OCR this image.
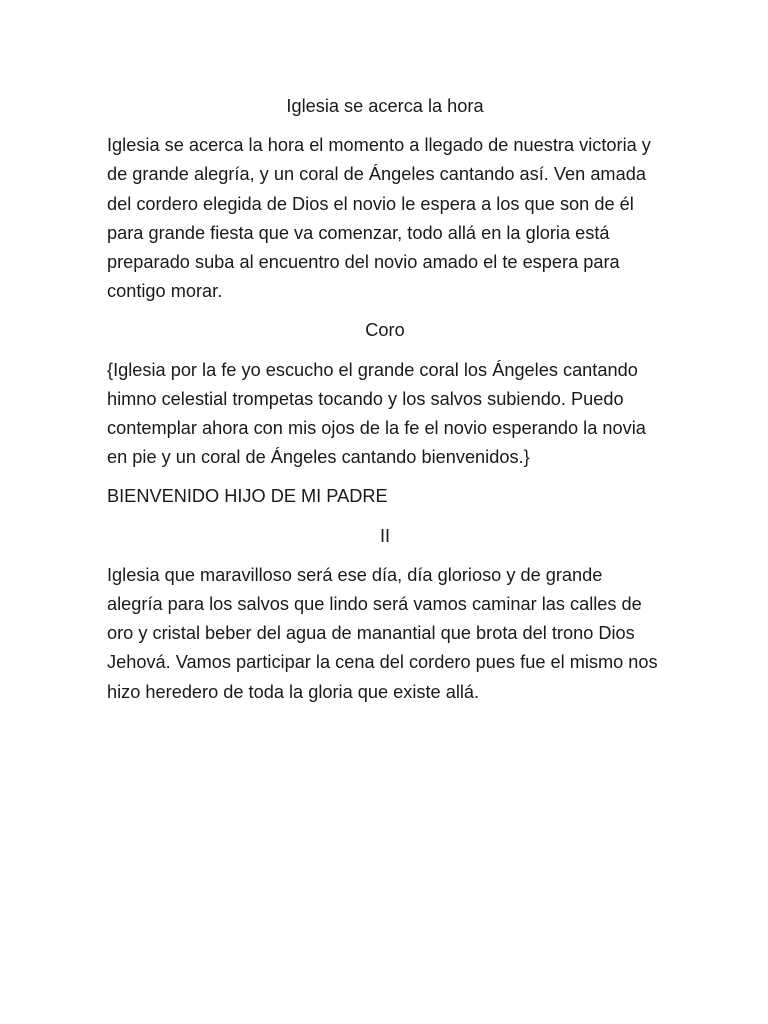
Iglesia se acerca la hora

Iglesia se acerca la hora el momento a llegado de nuestra victoria y de grande alegría, y un coral de Ángeles cantando así. Ven amada del cordero elegida de Dios el novio le espera a los que son de él para grande fiesta que va comenzar, todo allá en la gloria está preparado suba al encuentro del novio amado el te espera para contigo morar.

Coro

{Iglesia por la fe yo escucho el grande coral los Ángeles cantando himno celestial trompetas tocando y los salvos subiendo. Puedo contemplar ahora con mis ojos de la fe el novio esperando la novia en pie y un coral de Ángeles cantando bienvenidos.}

BIENVENIDO HIJO DE MI PADRE

II

Iglesia que maravilloso será ese día, día glorioso y de grande alegría para los salvos que lindo será vamos caminar las calles de oro y cristal beber del agua de manantial que brota del trono Dios Jehová. Vamos participar la cena del cordero pues fue el mismo nos hizo heredero de toda la gloria que existe allá.
